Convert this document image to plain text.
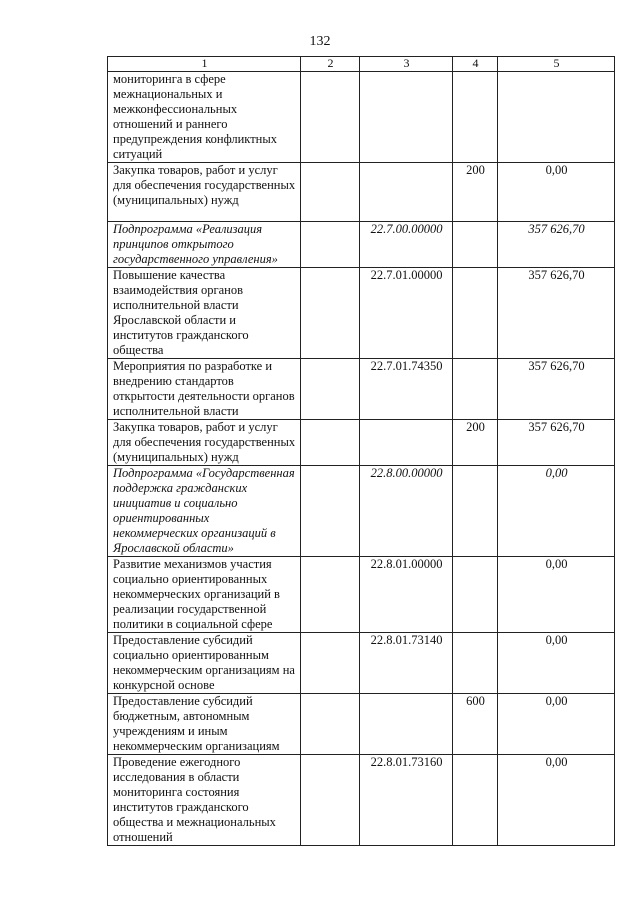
132
1	2	3	4	5
мониторинга в сфере межнациональных и межконфессиональных отношений и раннего предупреждения конфликтных ситуаций				
Закупка товаров, работ и услуг для обеспечения государственных (муниципальных) нужд			200	0,00
Подпрограмма «Реализация принципов открытого государственного управления»		22.7.00.00000		357 626,70
Повышение качества взаимодействия органов исполнительной власти Ярославской области и институтов гражданского общества		22.7.01.00000		357 626,70
Мероприятия по разработке и внедрению стандартов открытости деятельности органов исполнительной власти		22.7.01.74350		357 626,70
Закупка товаров, работ и услуг для обеспечения государственных (муниципальных) нужд			200	357 626,70
Подпрограмма «Государственная поддержка гражданских инициатив и социально ориентированных некоммерческих организаций в Ярославской области»		22.8.00.00000		0,00
Развитие механизмов участия социально ориентированных некоммерческих организаций в реализации государственной политики в социальной сфере		22.8.01.00000		0,00
Предоставление субсидий социально ориентированным некоммерческим организациям на конкурсной основе		22.8.01.73140		0,00
Предоставление субсидий бюджетным, автономным учреждениям и иным некоммерческим организациям			600	0,00
Проведение ежегодного исследования в области мониторинга состояния институтов гражданского общества и межнациональных отношений		22.8.01.73160		0,00
